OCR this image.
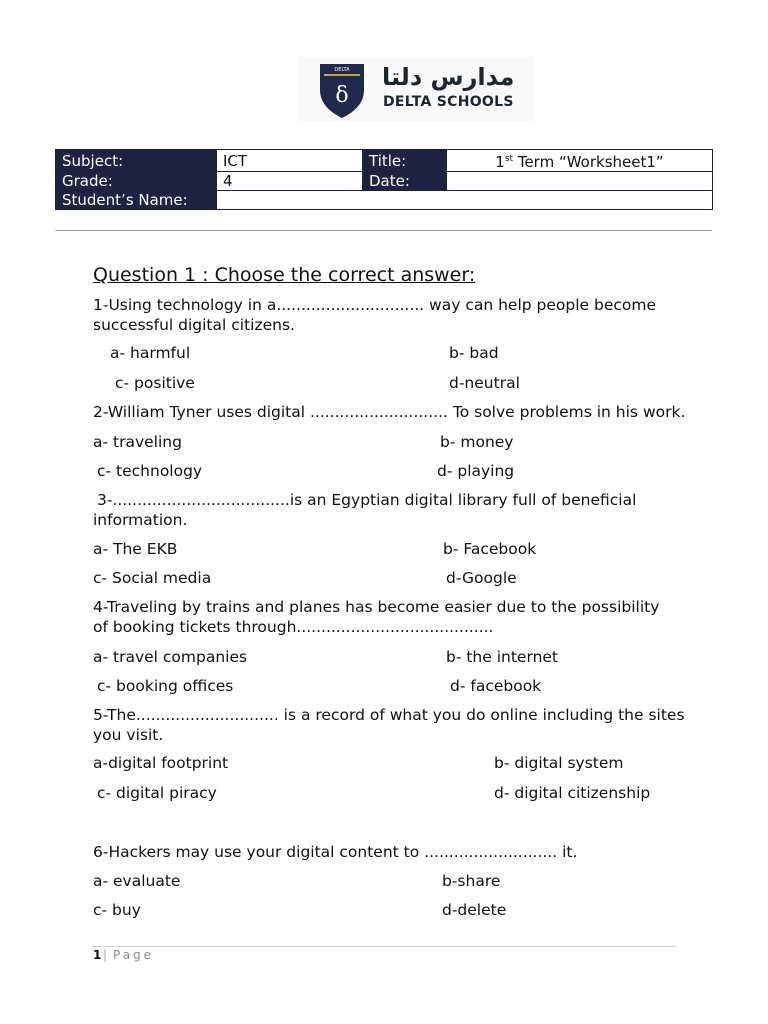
DELTA
δ
مدارس دلتا
DELTA SCHOOLS
Subject:	ICT	Title:	1st Term “Worksheet1”
Grade:	4	Date:	
Student’s Name:			
Question 1 : Choose the correct answer:
1-Using technology in a.............................. way can help people become
successful digital citizens.
a- harmful	b- bad
c- positive	d-neutral
2-William Tyner uses digital ............................ To solve problems in his work.
a- traveling	b- money
c- technology	d- playing
3-....................................is an Egyptian digital library full of beneficial
information.
a- The EKB	b- Facebook
c- Social media	d-Google
4-Traveling by trains and planes has become easier due to the possibility
of booking tickets through........................................
a- travel companies	b- the internet
c- booking offices	d- facebook
5-The............................. is a record of what you do online including the sites
you visit.
a-digital footprint	b- digital system
c- digital piracy	d- digital citizenship
6-Hackers may use your digital content to ........................... it.
a- evaluate	b-share
c- buy	d-delete
1 | Page
